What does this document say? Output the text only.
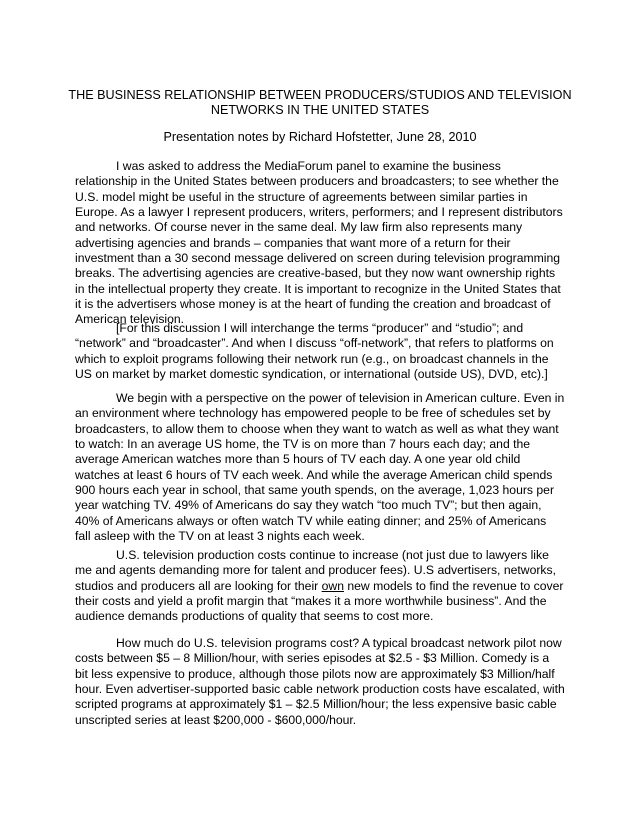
THE BUSINESS RELATIONSHIP BETWEEN PRODUCERS/STUDIOS AND TELEVISION NETWORKS IN THE UNITED STATES

Presentation notes by Richard Hofstetter, June 28, 2010

I was asked to address the MediaForum panel to examine the business relationship in the United States between producers and broadcasters; to see whether the U.S. model might be useful in the structure of agreements between similar parties in Europe. As a lawyer I represent producers, writers, performers; and I represent distributors and networks. Of course never in the same deal. My law firm also represents many advertising agencies and brands – companies that want more of a return for their investment than a 30 second message delivered on screen during television programming breaks. The advertising agencies are creative-based, but they now want ownership rights in the intellectual property they create. It is important to recognize in the United States that it is the advertisers whose money is at the heart of funding the creation and broadcast of American television.

[For this discussion I will interchange the terms “producer” and “studio”; and “network” and “broadcaster”. And when I discuss “off-network”, that refers to platforms on which to exploit programs following their network run (e.g., on broadcast channels in the US on market by market domestic syndication, or international (outside US), DVD, etc).]

We begin with a perspective on the power of television in American culture. Even in an environment where technology has empowered people to be free of schedules set by broadcasters, to allow them to choose when they want to watch as well as what they want to watch: In an average US home, the TV is on more than 7 hours each day; and the average American watches more than 5 hours of TV each day. A one year old child watches at least 6 hours of TV each week. And while the average American child spends 900 hours each year in school, that same youth spends, on the average, 1,023 hours per year watching TV. 49% of Americans do say they watch “too much TV”; but then again, 40% of Americans always or often watch TV while eating dinner; and 25% of Americans fall asleep with the TV on at least 3 nights each week.

U.S. television production costs continue to increase (not just due to lawyers like me and agents demanding more for talent and producer fees). U.S advertisers, networks, studios and producers all are looking for their own new models to find the revenue to cover their costs and yield a profit margin that “makes it a more worthwhile business”. And the audience demands productions of quality that seems to cost more.

How much do U.S. television programs cost? A typical broadcast network pilot now costs between $5 – 8 Million/hour, with series episodes at $2.5 - $3 Million. Comedy is a bit less expensive to produce, although those pilots now are approximately $3 Million/half hour. Even advertiser-supported basic cable network production costs have escalated, with scripted programs at approximately $1 – $2.5 Million/hour; the less expensive basic cable unscripted series at least $200,000 - $600,000/hour.
